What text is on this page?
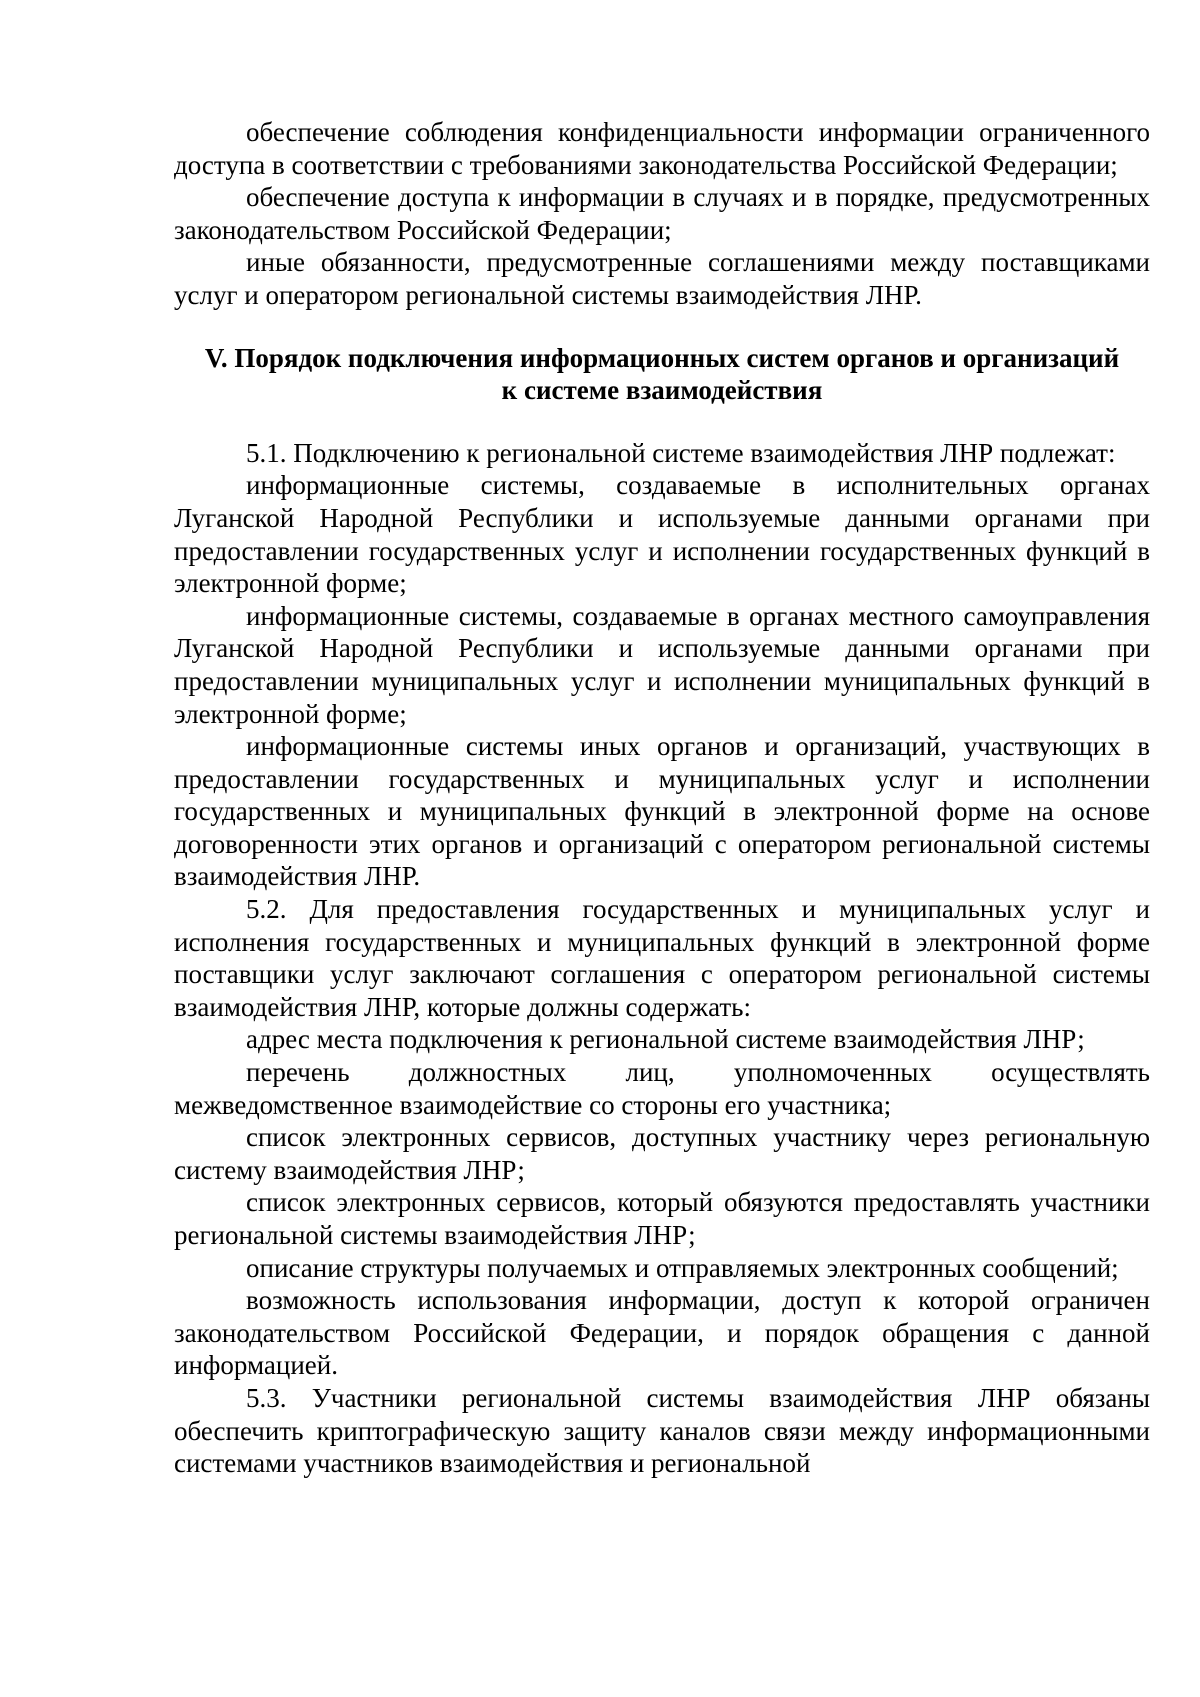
обеспечение соблюдения конфиденциальности информации ограниченного доступа в соответствии с требованиями законодательства Российской Федерации;

обеспечение доступа к информации в случаях и в порядке, предусмотренных законодательством Российской Федерации;

иные обязанности, предусмотренные соглашениями между поставщиками услуг и оператором региональной системы взаимодействия ЛНР.

V. Порядок подключения информационных систем органов и организаций
к системе взаимодействия

5.1. Подключению к региональной системе взаимодействия ЛНР подлежат:

информационные системы, создаваемые в исполнительных органах Луганской Народной Республики и используемые данными органами при предоставлении государственных услуг и исполнении государственных функций в электронной форме;

информационные системы, создаваемые в органах местного самоуправления Луганской Народной Республики и используемые данными органами при предоставлении муниципальных услуг и исполнении муниципальных функций в электронной форме;

информационные системы иных органов и организаций, участвующих в предоставлении государственных и муниципальных услуг и исполнении государственных и муниципальных функций в электронной форме на основе договоренности этих органов и организаций с оператором региональной системы взаимодействия ЛНР.

5.2. Для предоставления государственных и муниципальных услуг и исполнения государственных и муниципальных функций в электронной форме поставщики услуг заключают соглашения с оператором региональной системы взаимодействия ЛНР, которые должны содержать:

адрес места подключения к региональной системе взаимодействия ЛНР;

перечень должностных лиц, уполномоченных осуществлять межведомственное взаимодействие со стороны его участника;

список электронных сервисов, доступных участнику через региональную систему взаимодействия ЛНР;

список электронных сервисов, который обязуются предоставлять участники региональной системы взаимодействия ЛНР;

описание структуры получаемых и отправляемых электронных сообщений;

возможность использования информации, доступ к которой ограничен законодательством Российской Федерации, и порядок обращения с данной информацией.

5.3. Участники региональной системы взаимодействия ЛНР обязаны обеспечить криптографическую защиту каналов связи между информационными системами участников взаимодействия и региональной
